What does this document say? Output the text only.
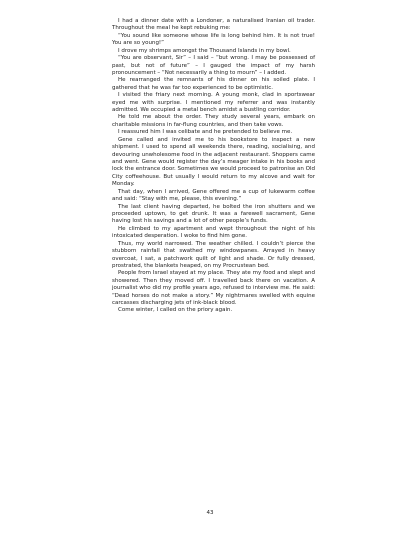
I had a dinner date with a Londoner, a naturalised Iranian oil trader. Throughout the meal he kept rebuking me:

“You sound like someone whose life is long behind him. It is not true! You are so young!”

I drove my shrimps amongst the Thousand Islands in my bowl.

“You are observant, Sir” – I said – “but wrong. I may be possessed of past, but not of future” – I gauged the impact of my harsh pronouncement – “Not necessarily a thing to mourn” – I added.

He rearranged the remnants of his dinner on his soiled plate. I gathered that he was far too experienced to be optimistic.

I visited the friary next morning. A young monk, clad in sportswear eyed me with surprise. I mentioned my referrer and was instantly admitted. We occupied a metal bench amidst a bustling corridor.

He told me about the order. They study several years, embark on charitable missions in far-flung countries, and then take vows.

I reassured him I was celibate and he pretended to believe me.

Gene called and invited me to his bookstore to inspect a new shipment. I used to spend all weekends there, reading, socialising, and devouring unwholesome food in the adjacent restaurant. Shoppers came and went. Gene would register the day’s meager intake in his books and lock the entrance door. Sometimes we would proceed to patronise an Old City coffeehouse. But usually I would return to my alcove and wait for Monday.

That day, when I arrived, Gene offered me a cup of lukewarm coffee and said: “Stay with me, please, this evening.”

The last client having departed, he bolted the iron shutters and we proceeded uptown, to get drunk. It was a farewell sacrament, Gene having lost his savings and a lot of other people’s funds.

He climbed to my apartment and wept throughout the night of his intoxicated desperation. I woke to find him gone.

Thus, my world narrowed. The weather chilled. I couldn’t pierce the stubborn rainfall that swathed my windowpanes. Arrayed in heavy overcoat, I sat, a patchwork quilt of light and shade. Or fully dressed, prostrated, the blankets heaped, on my Procrustean bed.

People from Israel stayed at my place. They ate my food and slept and showered. Then they moved off. I travelled back there on vacation. A journalist who did my profile years ago, refused to interview me. He said: “Dead horses do not make a story.” My nightmares swelled with equine carcasses discharging jets of ink-black blood.

Come winter, I called on the priory again.

43
